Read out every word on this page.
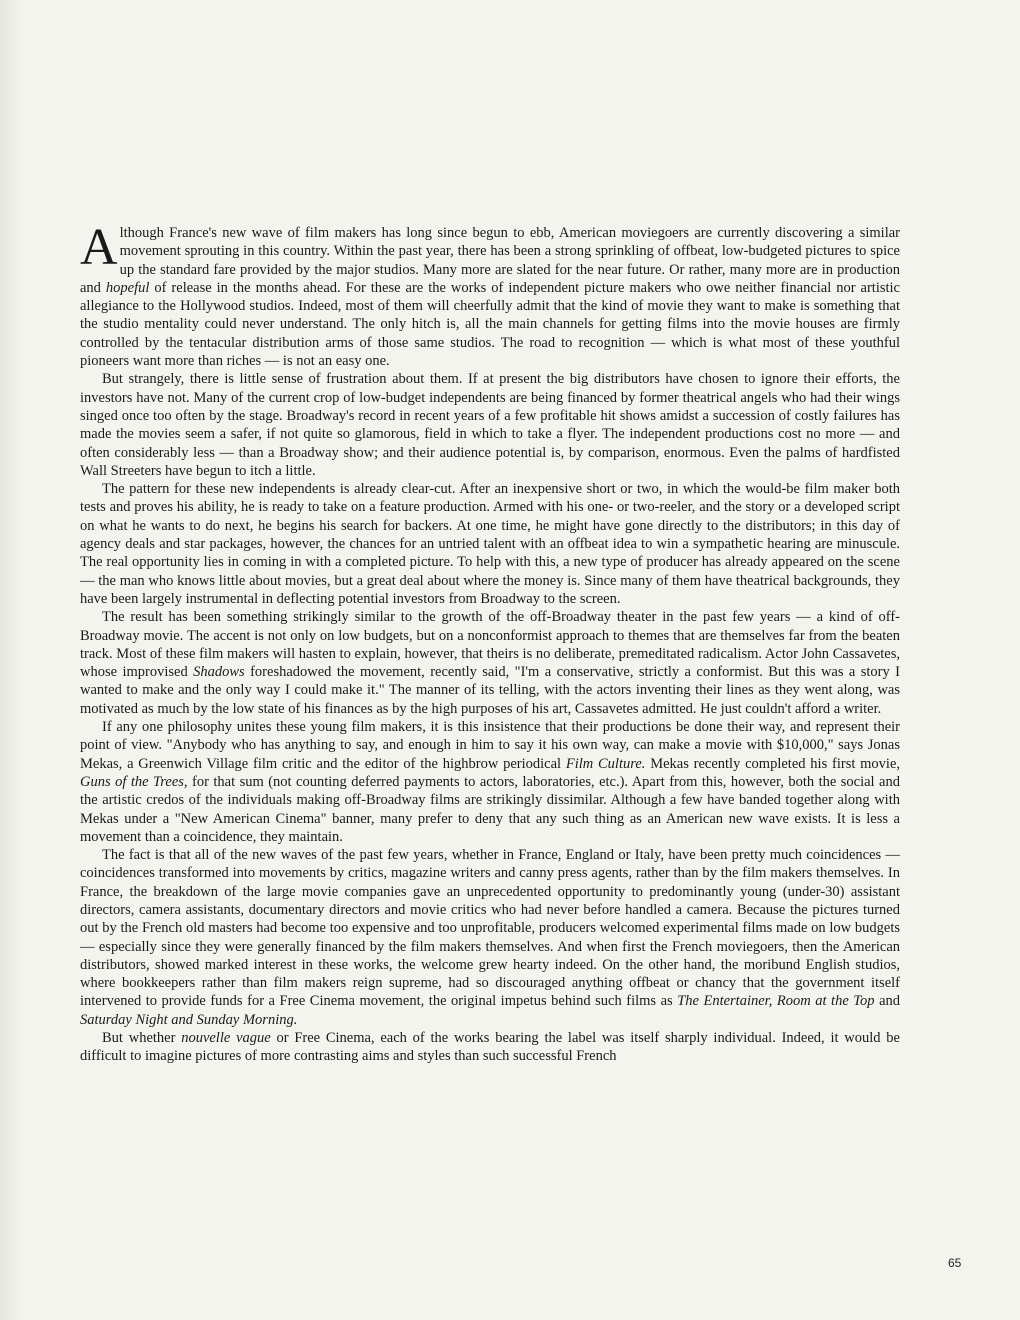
Although France's new wave of film makers has long since begun to ebb, American moviegoers are currently discovering a similar movement sprouting in this country. Within the past year, there has been a strong sprinkling of offbeat, low-budgeted pictures to spice up the standard fare provided by the major studios. Many more are slated for the near future. Or rather, many more are in production and hopeful of release in the months ahead. For these are the works of independent picture makers who owe neither financial nor artistic allegiance to the Hollywood studios. Indeed, most of them will cheerfully admit that the kind of movie they want to make is something that the studio mentality could never understand. The only hitch is, all the main channels for getting films into the movie houses are firmly controlled by the tentacular distribution arms of those same studios. The road to recognition — which is what most of these youthful pioneers want more than riches — is not an easy one.

But strangely, there is little sense of frustration about them. If at present the big distributors have chosen to ignore their efforts, the investors have not. Many of the current crop of low-budget independents are being financed by former theatrical angels who had their wings singed once too often by the stage. Broadway's record in recent years of a few profitable hit shows amidst a succession of costly failures has made the movies seem a safer, if not quite so glamorous, field in which to take a flyer. The independent productions cost no more — and often considerably less — than a Broadway show; and their audience potential is, by comparison, enormous. Even the palms of hardfisted Wall Streeters have begun to itch a little.

The pattern for these new independents is already clear-cut. After an inexpensive short or two, in which the would-be film maker both tests and proves his ability, he is ready to take on a feature production. Armed with his one- or two-reeler, and the story or a developed script on what he wants to do next, he begins his search for backers. At one time, he might have gone directly to the distributors; in this day of agency deals and star packages, however, the chances for an untried talent with an offbeat idea to win a sympathetic hearing are minuscule. The real opportunity lies in coming in with a completed picture. To help with this, a new type of producer has already appeared on the scene — the man who knows little about movies, but a great deal about where the money is. Since many of them have theatrical backgrounds, they have been largely instrumental in deflecting potential investors from Broadway to the screen.

The result has been something strikingly similar to the growth of the off-Broadway theater in the past few years — a kind of off-Broadway movie. The accent is not only on low budgets, but on a nonconformist approach to themes that are themselves far from the beaten track. Most of these film makers will hasten to explain, however, that theirs is no deliberate, premeditated radicalism. Actor John Cassavetes, whose improvised Shadows foreshadowed the movement, recently said, "I'm a conservative, strictly a conformist. But this was a story I wanted to make and the only way I could make it." The manner of its telling, with the actors inventing their lines as they went along, was motivated as much by the low state of his finances as by the high purposes of his art, Cassavetes admitted. He just couldn't afford a writer.

If any one philosophy unites these young film makers, it is this insistence that their productions be done their way, and represent their point of view. "Anybody who has anything to say, and enough in him to say it his own way, can make a movie with $10,000," says Jonas Mekas, a Greenwich Village film critic and the editor of the highbrow periodical Film Culture. Mekas recently completed his first movie, Guns of the Trees, for that sum (not counting deferred payments to actors, laboratories, etc.). Apart from this, however, both the social and the artistic credos of the individuals making off-Broadway films are strikingly dissimilar. Although a few have banded together along with Mekas under a "New American Cinema" banner, many prefer to deny that any such thing as an American new wave exists. It is less a movement than a coincidence, they maintain.

The fact is that all of the new waves of the past few years, whether in France, England or Italy, have been pretty much coincidences — coincidences transformed into movements by critics, magazine writers and canny press agents, rather than by the film makers themselves. In France, the breakdown of the large movie companies gave an unprecedented opportunity to predominantly young (under-30) assistant directors, camera assistants, documentary directors and movie critics who had never before handled a camera. Because the pictures turned out by the French old masters had become too expensive and too unprofitable, producers welcomed experimental films made on low budgets — especially since they were generally financed by the film makers themselves. And when first the French moviegoers, then the American distributors, showed marked interest in these works, the welcome grew hearty indeed. On the other hand, the moribund English studios, where bookkeepers rather than film makers reign supreme, had so discouraged anything offbeat or chancy that the government itself intervened to provide funds for a Free Cinema movement, the original impetus behind such films as The Entertainer, Room at the Top and Saturday Night and Sunday Morning.

But whether nouvelle vague or Free Cinema, each of the works bearing the label was itself sharply individual. Indeed, it would be difficult to imagine pictures of more contrasting aims and styles than such successful French

65
